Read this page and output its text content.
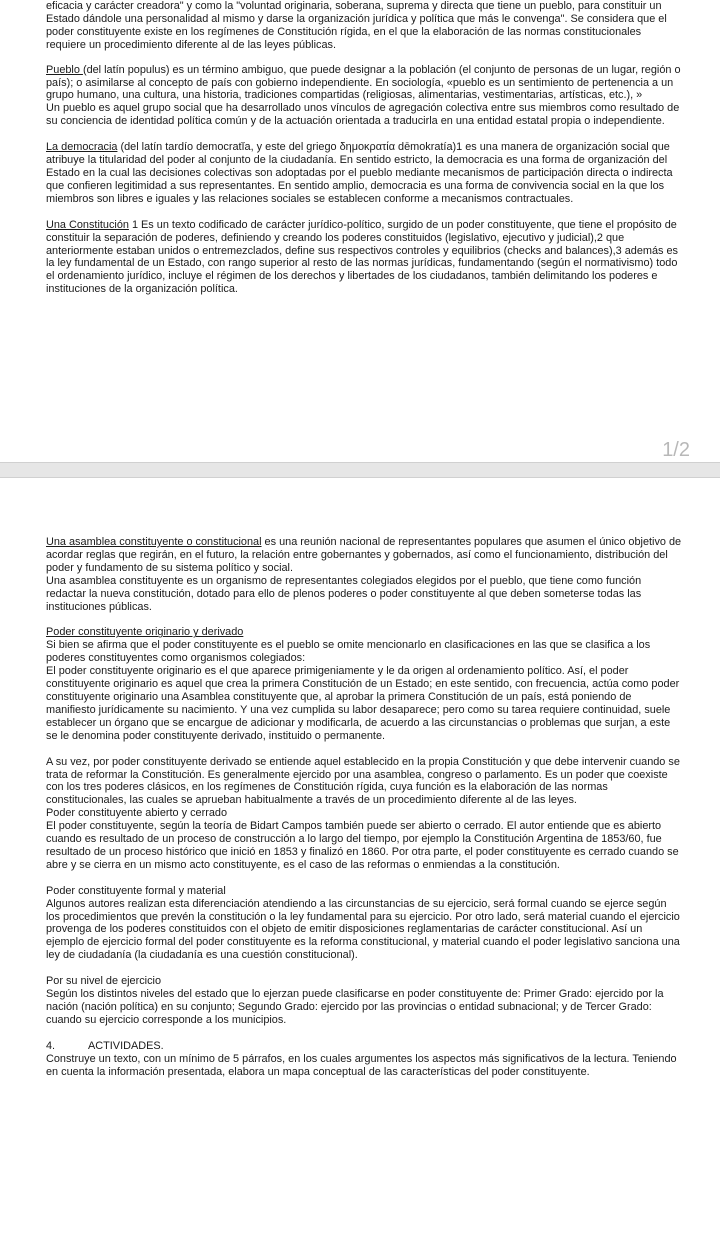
eficacia y carácter creadora" y como la "voluntad originaria, soberana, suprema y directa que tiene un pueblo, para constituir un Estado dándole una personalidad al mismo y darse la organización jurídica y política que más le convenga". Se considera que el poder constituyente existe en los regímenes de Constitución rígida, en el que la elaboración de las normas constitucionales requiere un procedimiento diferente al de las leyes públicas.

Pueblo (del latín populus) es un término ambiguo, que puede designar a la población (el conjunto de personas de un lugar, región o país); o asimilarse al concepto de país con gobierno independiente. En sociología, «pueblo es un sentimiento de pertenencia a un grupo humano, una cultura, una historia, tradiciones compartidas (religiosas, alimentarias, vestimentarias, artísticas, etc.), »

Un pueblo es aquel grupo social que ha desarrollado unos vínculos de agregación colectiva entre sus miembros como resultado de su conciencia de identidad política común y de la actuación orientada a traducirla en una entidad estatal propia o independiente.

La democracia (del latín tardío democratĭa, y este del griego δημοκρατία dēmokratía)1 es una manera de organización social que atribuye la titularidad del poder al conjunto de la ciudadanía. En sentido estricto, la democracia es una forma de organización del Estado en la cual las decisiones colectivas son adoptadas por el pueblo mediante mecanismos de participación directa o indirecta que confieren legitimidad a sus representantes. En sentido amplio, democracia es una forma de convivencia social en la que los miembros son libres e iguales y las relaciones sociales se establecen conforme a mecanismos contractuales.

Una Constitución 1 Es un texto codificado de carácter jurídico-político, surgido de un poder constituyente, que tiene el propósito de constituir la separación de poderes, definiendo y creando los poderes constituidos (legislativo, ejecutivo y judicial),2 que anteriormente estaban unidos o entremezclados, define sus respectivos controles y equilibrios (checks and balances),3 además es la ley fundamental de un Estado, con rango superior al resto de las normas jurídicas, fundamentando (según el normativismo) todo el ordenamiento jurídico, incluye el régimen de los derechos y libertades de los ciudadanos, también delimitando los poderes e instituciones de la organización política.

1/2

Una asamblea constituyente o constitucional es una reunión nacional de representantes populares que asumen el único objetivo de acordar reglas que regirán, en el futuro, la relación entre gobernantes y gobernados, así como el funcionamiento, distribución del poder y fundamento de su sistema político y social.

Una asamblea constituyente es un organismo de representantes colegiados elegidos por el pueblo, que tiene como función redactar la nueva constitución, dotado para ello de plenos poderes o poder constituyente al que deben someterse todas las instituciones públicas.

Poder constituyente originario y derivado

Si bien se afirma que el poder constituyente es el pueblo se omite mencionarlo en clasificaciones en las que se clasifica a los poderes constituyentes como organismos colegiados:

El poder constituyente originario es el que aparece primigeniamente y le da origen al ordenamiento político. Así, el poder constituyente originario es aquel que crea la primera Constitución de un Estado; en este sentido, con frecuencia, actúa como poder constituyente originario una Asamblea constituyente que, al aprobar la primera Constitución de un país, está poniendo de manifiesto jurídicamente su nacimiento. Y una vez cumplida su labor desaparece; pero como su tarea requiere continuidad, suele establecer un órgano que se encargue de adicionar y modificarla, de acuerdo a las circunstancias o problemas que surjan, a este se le denomina poder constituyente derivado, instituido o permanente.

A su vez, por poder constituyente derivado se entiende aquel establecido en la propia Constitución y que debe intervenir cuando se trata de reformar la Constitución. Es generalmente ejercido por una asamblea, congreso o parlamento. Es un poder que coexiste con los tres poderes clásicos, en los regímenes de Constitución rígida, cuya función es la elaboración de las normas constitucionales, las cuales se aprueban habitualmente a través de un procedimiento diferente al de las leyes.

Poder constituyente abierto y cerrado

El poder constituyente, según la teoría de Bidart Campos también puede ser abierto o cerrado. El autor entiende que es abierto cuando es resultado de un proceso de construcción a lo largo del tiempo, por ejemplo la Constitución Argentina de 1853/60, fue resultado de un proceso histórico que inició en 1853 y finalizó en 1860. Por otra parte, el poder constituyente es cerrado cuando se abre y se cierra en un mismo acto constituyente, es el caso de las reformas o enmiendas a la constitución.

Poder constituyente formal y material

Algunos autores realizan esta diferenciación atendiendo a las circunstancias de su ejercicio, será formal cuando se ejerce según los procedimientos que prevén la constitución o la ley fundamental para su ejercicio. Por otro lado, será material cuando el ejercicio provenga de los poderes constituidos con el objeto de emitir disposiciones reglamentarias de carácter constitucional. Así un ejemplo de ejercicio formal del poder constituyente es la reforma constitucional, y material cuando el poder legislativo sanciona una ley de ciudadanía (la ciudadanía es una cuestión constitucional).

Por su nivel de ejercicio

Según los distintos niveles del estado que lo ejerzan puede clasificarse en poder constituyente de: Primer Grado: ejercido por la nación (nación política) en su conjunto; Segundo Grado: ejercido por las provincias o entidad subnacional; y de Tercer Grado: cuando su ejercicio corresponde a los municipios.

4.	ACTIVIDADES.

Construye un texto, con un mínimo de 5 párrafos, en los cuales argumentes los aspectos más significativos de la lectura. Teniendo en cuenta la información presentada, elabora un mapa conceptual de las características del poder constituyente.
